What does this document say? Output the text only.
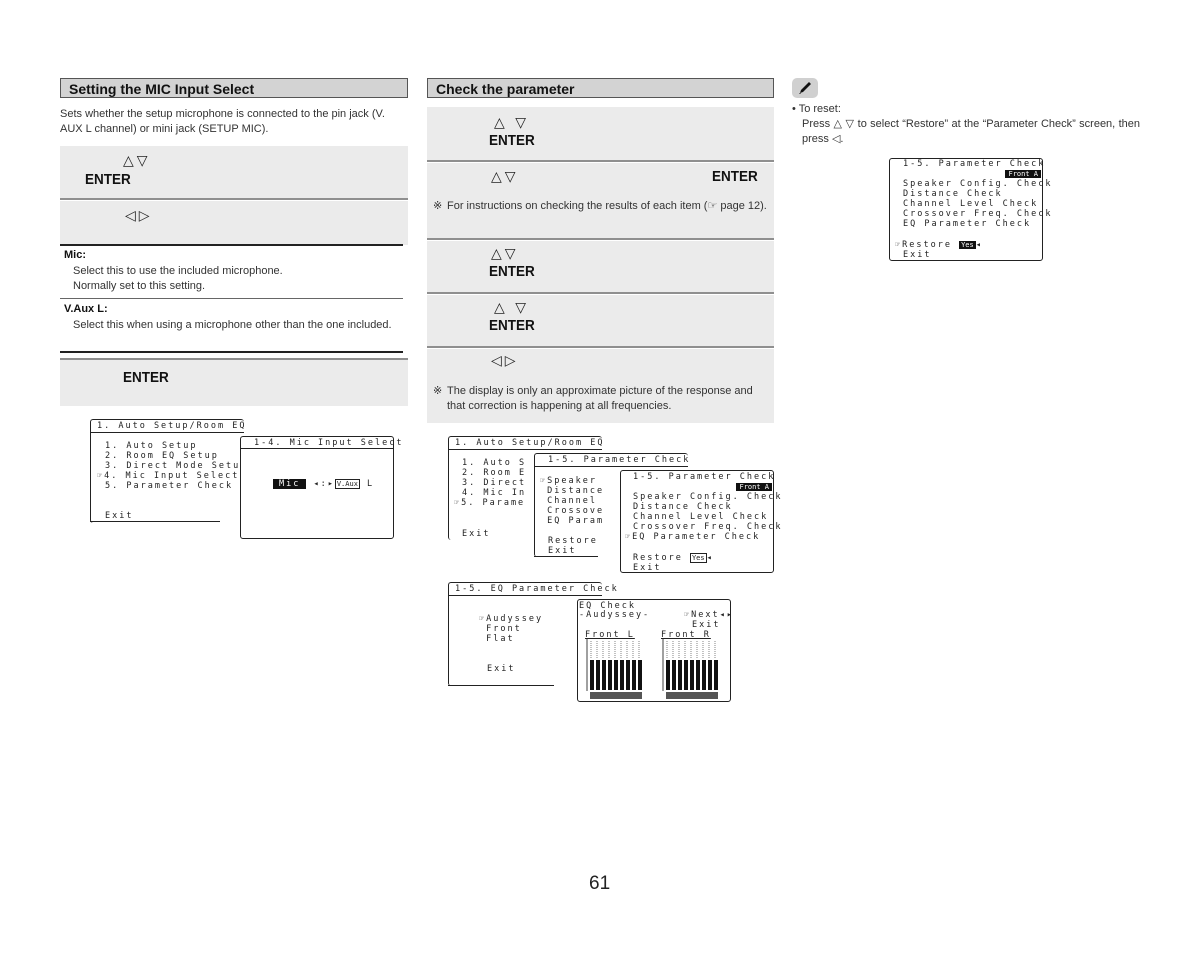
Setting the MIC Input Select
Sets whether the setup microphone is connected to the pin jack (V. AUX L channel) or mini jack (SETUP MIC).
△▽
ENTER
◁▷
Mic:
Select this to use the included microphone.
Normally set to this setting.
V.Aux L:
Select this when using a microphone other than the one included.
ENTER
1. Auto Setup/Room EQ
1. Auto Setup
2. Room EQ Setup
3. Direct Mode Setu
☞4. Mic Input Select
5. Parameter Check
Exit
1-4. Mic Input Select
Mic ◂:▸ V.Aux L
Check the parameter
△ ▽
ENTER
△▽	ENTER
※ For instructions on checking the results of each item (☞ page 12).
△▽
ENTER
△ ▽
ENTER
◁▷
※ The display is only an approximate picture of the response and that correction is happening at all frequencies.
1. Auto Setup/Room EQ
1. Auto S
2. Room E
3. Direct
4. Mic In
☞5. Parame
Exit
1-5. Parameter Check
☞Speaker
Distance
Channel
Crossove
EQ Param
Restore
Exit
1-5. Parameter Check
Front A
Speaker Config. Check
Distance Check
Channel Level Check
Crossover Freq. Check
☞EQ Parameter Check
Restore Yes ◂
Exit
1-5. EQ Parameter Check
☞Audyssey
Front
Flat
Exit
EQ Check
-Audyssey-	☞Next◂▸
Exit
Front L	Front R
• To reset:
Press △ ▽ to select “Restore” at the “Parameter Check” screen, then press ◁.
1-5. Parameter Check
Front A
Speaker Config. Check
Distance Check
Channel Level Check
Crossover Freq. Check
EQ Parameter Check
☞Restore Yes ◂
Exit
61
